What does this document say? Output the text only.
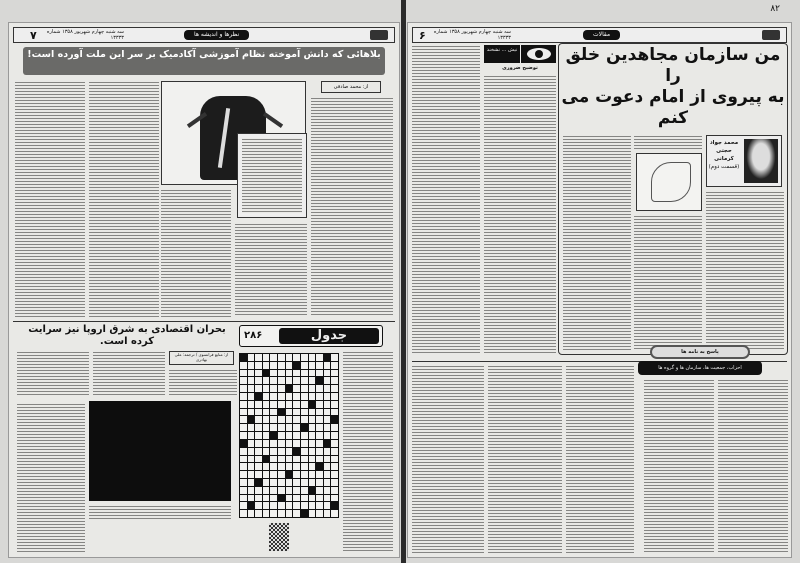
۸۲
۷	سه شنبه چهارم شهریور ۱۳۵۸ شماره ۱۳۳۳۳	نظرها و اندیشه ها
بلاهائی که دانش آموخته نظام آموزشی آکادمیک بر سر این ملت آورده است!
از: محمد صادقی
بحران اقتصادی به شرق اروپا نیز سرایت کرده است.
از: منابع فرانسوی / ترجمه: علی بهادری
جدول
۲۸۶
۶	سه شنبه چهارم شهریور ۱۳۵۸ شماره ۱۳۳۳۳	مقالات
من سازمان مجاهدین خلق را
به پیروی از امام دعوت می کنم
محمد جواد حجتی کرمانی
(قسمت دوم)
نیش ... نشخند
توضیح ضروری
پاسخ به نامه ها
احزاب، جمعیت ها، سازمان ها و گروه ها
